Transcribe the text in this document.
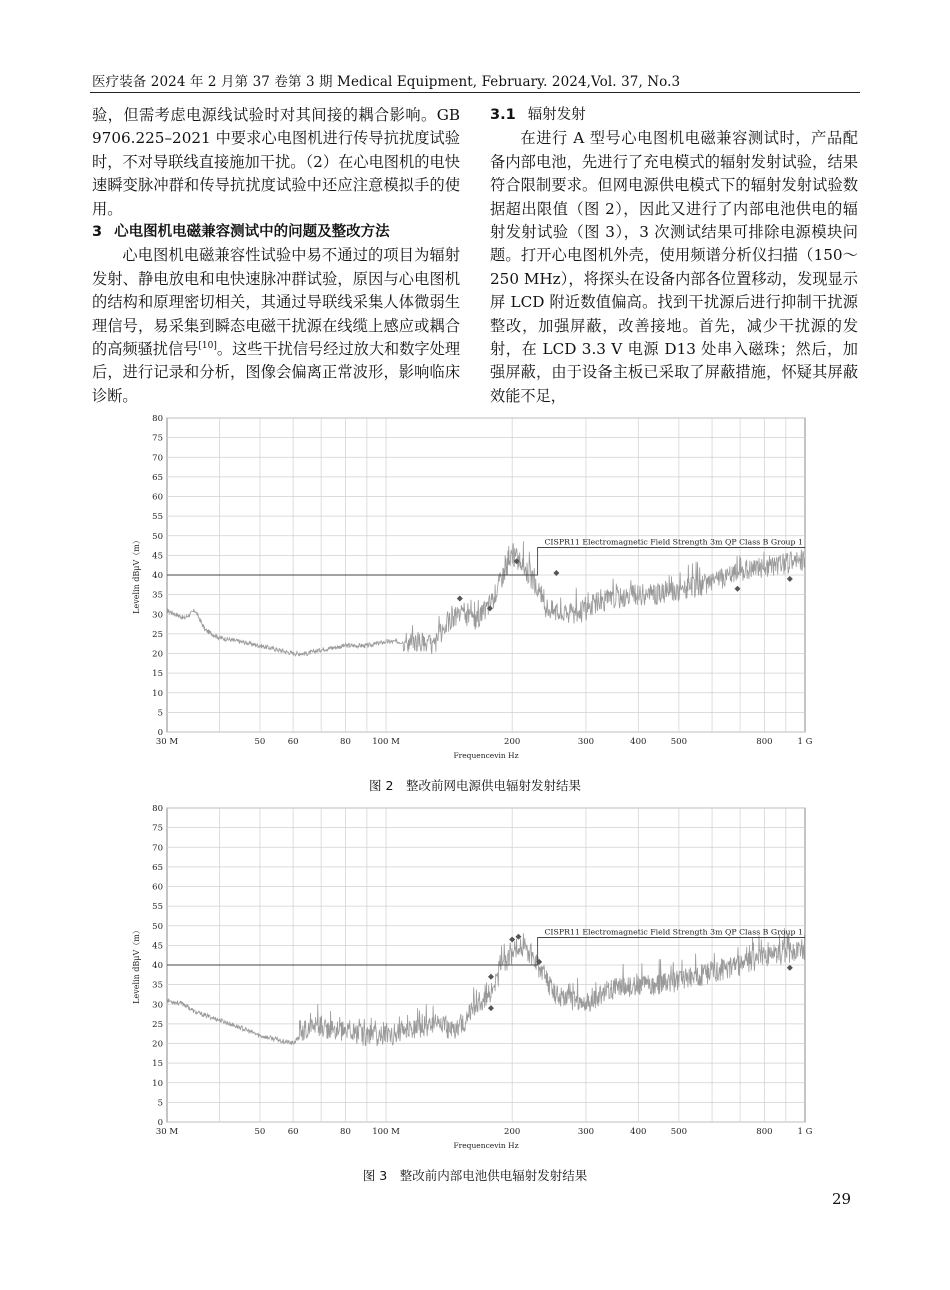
医疗装备 2024 年 2 月第 37 卷第 3 期 Medical Equipment, February. 2024,Vol. 37, No.3

验，但需考虑电源线试验时对其间接的耦合影响。GB 9706.225–2021 中要求心电图机进行传导抗扰度试验时，不对导联线直接施加干扰。（2）在心电图机的电快速瞬变脉冲群和传导抗扰度试验中还应注意模拟手的使用。

3 心电图机电磁兼容测试中的问题及整改方法

心电图机电磁兼容性试验中易不通过的项目为辐射发射、静电放电和电快速脉冲群试验，原因与心电图机的结构和原理密切相关，其通过导联线采集人体微弱生理信号，易采集到瞬态电磁干扰源在线缆上感应或耦合的高频骚扰信号[10]。这些干扰信号经过放大和数字处理后，进行记录和分析，图像会偏离正常波形，影响临床诊断。

3.1 辐射发射

在进行 A 型号心电图机电磁兼容测试时，产品配备内部电池，先进行了充电模式的辐射发射试验，结果符合限制要求。但网电源供电模式下的辐射发射试验数据超出限值（图 2），因此又进行了内部电池供电的辐射发射试验（图 3），3 次测试结果可排除电源模块问题。打开心电图机外壳，使用频谱分析仪扫描（150～250 MHz），将探头在设备内部各位置移动，发现显示屏 LCD 附近数值偏高。找到干扰源后进行抑制干扰源整改，加强屏蔽，改善接地。首先，减少干扰源的发射，在 LCD 3.3 V 电源 D13 处串入磁珠；然后，加强屏蔽，由于设备主板已采取了屏蔽措施，怀疑其屏蔽效能不足，

0
5
10
15
20
25
30
35
40
45
50
55
60
65
70
75
80
30 M	50	60	80	100 M	200	300	400	500	800	1 G
Frequencevin Hz
Levelin dBμV（m）	CISPR11 Electromagnetic Field Strength 3m QP Class B Group 1
图 2　整改前网电源供电辐射发射结果
0
5
10
15
20
25
30
35
40
45
50
55
60
65
70
75
80
30 M	50	60	80	100 M	200	300	400	500	800	1 G
Frequencevin Hz
Levelin dBμV（m）	CISPR11 Electromagnetic Field Strength 3m QP Class B Group 1
图 3　整改前内部电池供电辐射发射结果
29
